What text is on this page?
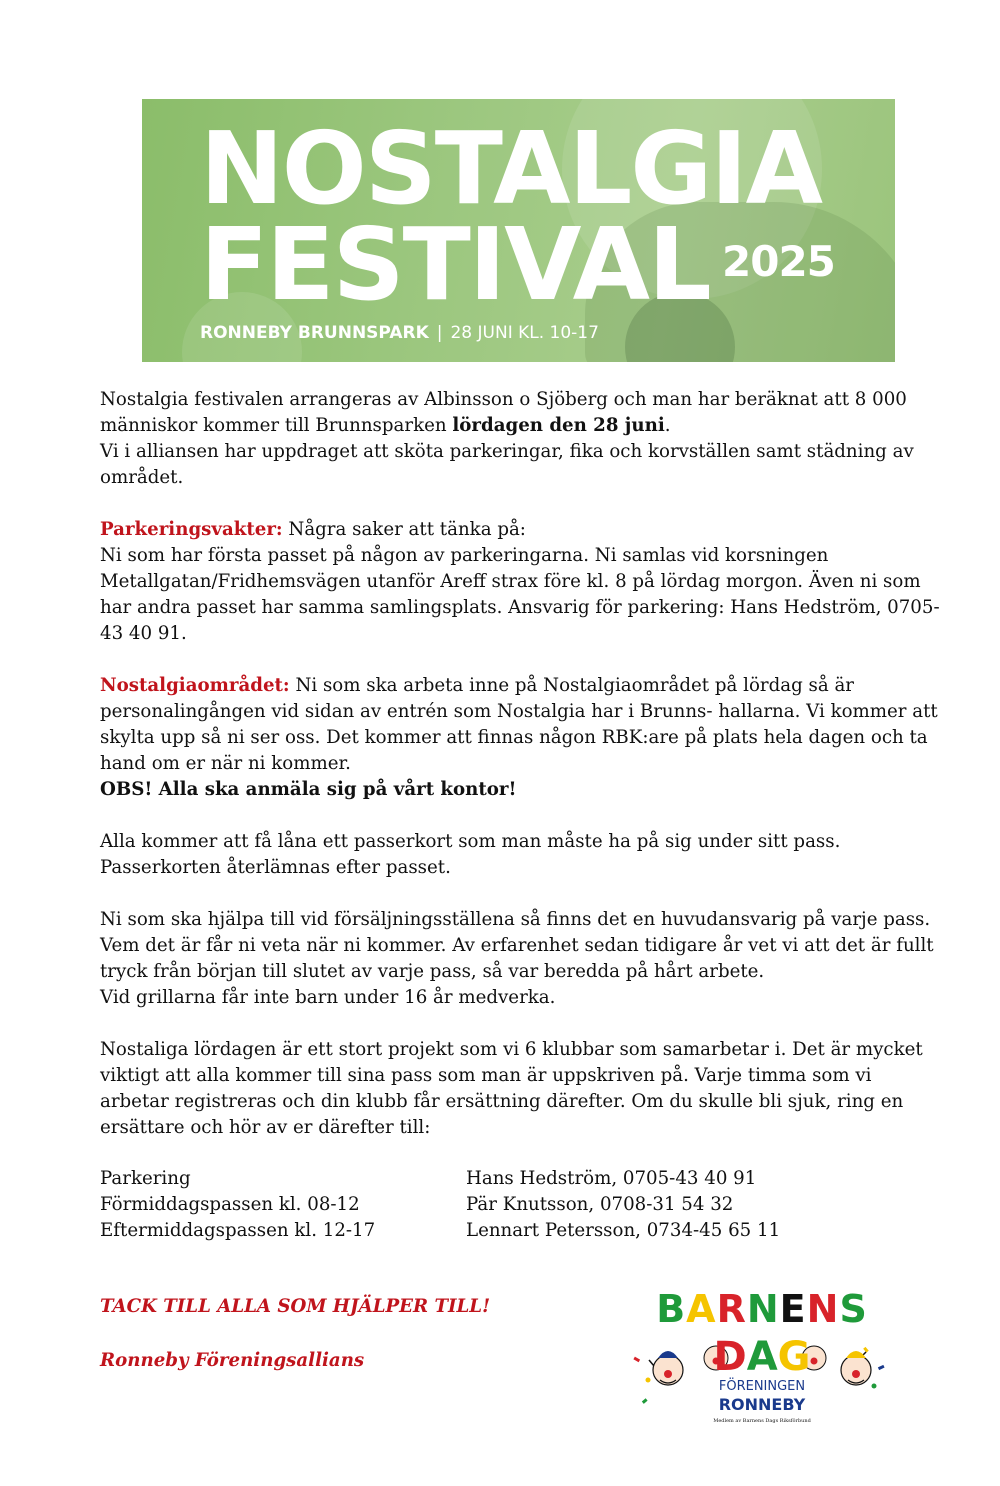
NOSTALGIA
FESTIVAL 2025
RONNEBY BRUNNSPARK | 28 JUNI KL. 10-17

Nostalgia festivalen arrangeras av Albinsson o Sjöberg och man har beräknat att 8 000 människor kommer till Brunnsparken lördagen den 28 juni.

Vi i alliansen har uppdraget att sköta parkeringar, fika och korvställen samt städning av området.

Parkeringsvakter: Några saker att tänka på:

Ni som har första passet på någon av parkeringarna. Ni samlas vid korsningen Metallgatan/Fridhemsvägen utanför Areff strax före kl. 8 på lördag morgon. Även ni som har andra passet har samma samlingsplats. Ansvarig för parkering: Hans Hedström, 0705-43 40 91.

Nostalgiaområdet: Ni som ska arbeta inne på Nostalgiaområdet på lördag så är personalingången vid sidan av entrén som Nostalgia har i Brunns- hallarna. Vi kommer att skylta upp så ni ser oss. Det kommer att finnas någon RBK:are på plats hela dagen och ta hand om er när ni kommer.

OBS! Alla ska anmäla sig på vårt kontor!

Alla kommer att få låna ett passerkort som man måste ha på sig under sitt pass. Passerkorten återlämnas efter passet.

Ni som ska hjälpa till vid försäljningsställena så finns det en huvudansvarig på varje pass. Vem det är får ni veta när ni kommer. Av erfarenhet sedan tidigare år vet vi att det är fullt tryck från början till slutet av varje pass, så var beredda på hårt arbete.

Vid grillarna får inte barn under 16 år medverka.

Nostaliga lördagen är ett stort projekt som vi 6 klubbar som samarbetar i. Det är mycket viktigt att alla kommer till sina pass som man är uppskriven på. Varje timma som vi arbetar registreras och din klubb får ersättning därefter. Om du skulle bli sjuk, ring en ersättare och hör av er därefter till:

Parkering	Hans Hedström, 0705-43 40 91
Förmiddagspassen kl. 08-12	Pär Knutsson, 0708-31 54 32
Eftermiddagspassen kl. 12-17	Lennart Petersson, 0734-45 65 11
TACK TILL ALLA SOM HJÄLPER TILL!
Ronneby Föreningsallians
BARNENS
DAG
FÖRENINGEN
RONNEBY
Medlem av Barnens Dags Riksförbund
